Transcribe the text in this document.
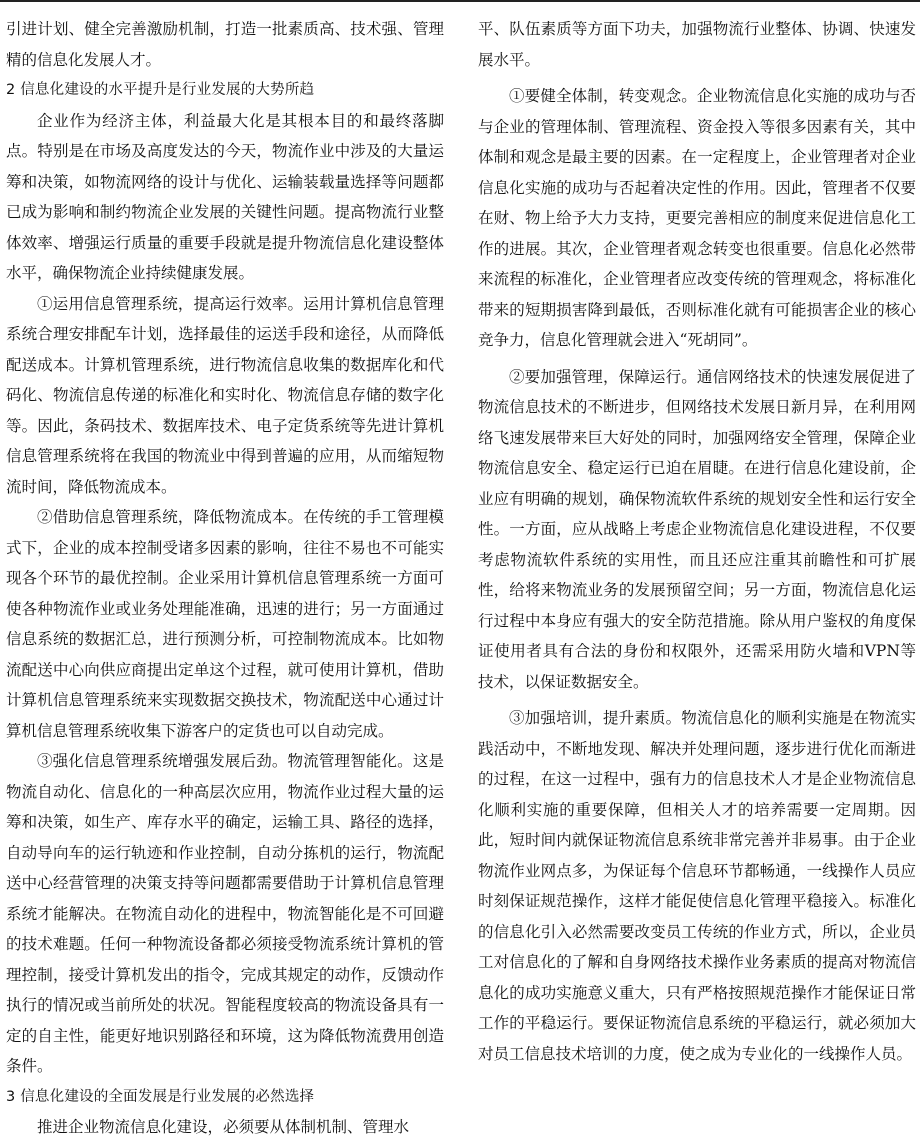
引进计划、健全完善激励机制，打造一批素质高、技术强、管理精的信息化发展人才。

2 信息化建设的水平提升是行业发展的大势所趋

企业作为经济主体，利益最大化是其根本目的和最终落脚点。特别是在市场及高度发达的今天，物流作业中涉及的大量运筹和决策，如物流网络的设计与优化、运输装载量选择等问题都已成为影响和制约物流企业发展的关键性问题。提高物流行业整体效率、增强运行质量的重要手段就是提升物流信息化建设整体水平，确保物流企业持续健康发展。

①运用信息管理系统，提高运行效率。运用计算机信息管理系统合理安排配车计划，选择最佳的运送手段和途径，从而降低配送成本。计算机管理系统，进行物流信息收集的数据库化和代码化、物流信息传递的标准化和实时化、物流信息存储的数字化等。因此，条码技术、数据库技术、电子定货系统等先进计算机信息管理系统将在我国的物流业中得到普遍的应用，从而缩短物流时间，降低物流成本。

②借助信息管理系统，降低物流成本。在传统的手工管理模式下，企业的成本控制受诸多因素的影响，往往不易也不可能实现各个环节的最优控制。企业采用计算机信息管理系统一方面可使各种物流作业或业务处理能准确，迅速的进行；另一方面通过信息系统的数据汇总，进行预测分析，可控制物流成本。比如物流配送中心向供应商提出定单这个过程，就可使用计算机，借助计算机信息管理系统来实现数据交换技术，物流配送中心通过计算机信息管理系统收集下游客户的定货也可以自动完成。

③强化信息管理系统增强发展后劲。物流管理智能化。这是物流自动化、信息化的一种高层次应用，物流作业过程大量的运筹和决策，如生产、库存水平的确定，运输工具、路径的选择，自动导向车的运行轨迹和作业控制，自动分拣机的运行，物流配送中心经营管理的决策支持等问题都需要借助于计算机信息管理系统才能解决。在物流自动化的进程中，物流智能化是不可回避的技术难题。任何一种物流设备都必须接受物流系统计算机的管理控制，接受计算机发出的指令，完成其规定的动作，反馈动作执行的情况或当前所处的状况。智能程度较高的物流设备具有一定的自主性，能更好地识别路径和环境，这为降低物流费用创造条件。

3 信息化建设的全面发展是行业发展的必然选择

推进企业物流信息化建设，必须要从体制机制、管理水

平、队伍素质等方面下功夫，加强物流行业整体、协调、快速发展水平。

①要健全体制，转变观念。企业物流信息化实施的成功与否与企业的管理体制、管理流程、资金投入等很多因素有关，其中体制和观念是最主要的因素。在一定程度上，企业管理者对企业信息化实施的成功与否起着决定性的作用。因此，管理者不仅要在财、物上给予大力支持，更要完善相应的制度来促进信息化工作的进展。其次，企业管理者观念转变也很重要。信息化必然带来流程的标准化，企业管理者应改变传统的管理观念，将标准化带来的短期损害降到最低，否则标准化就有可能损害企业的核心竞争力，信息化管理就会进入“死胡同”。

②要加强管理，保障运行。通信网络技术的快速发展促进了物流信息技术的不断进步，但网络技术发展日新月异，在利用网络飞速发展带来巨大好处的同时，加强网络安全管理，保障企业物流信息安全、稳定运行已迫在眉睫。在进行信息化建设前，企业应有明确的规划，确保物流软件系统的规划安全性和运行安全性。一方面，应从战略上考虑企业物流信息化建设进程，不仅要考虑物流软件系统的实用性，而且还应注重其前瞻性和可扩展性，给将来物流业务的发展预留空间；另一方面，物流信息化运行过程中本身应有强大的安全防范措施。除从用户鉴权的角度保证使用者具有合法的身份和权限外，还需采用防火墙和VPN等技术，以保证数据安全。

③加强培训，提升素质。物流信息化的顺利实施是在物流实践活动中，不断地发现、解决并处理问题，逐步进行优化而渐进的过程，在这一过程中，强有力的信息技术人才是企业物流信息化顺利实施的重要保障，但相关人才的培养需要一定周期。因此，短时间内就保证物流信息系统非常完善并非易事。由于企业物流作业网点多，为保证每个信息环节都畅通，一线操作人员应时刻保证规范操作，这样才能促使信息化管理平稳接入。标准化的信息化引入必然需要改变员工传统的作业方式，所以，企业员工对信息化的了解和自身网络技术操作业务素质的提高对物流信息化的成功实施意义重大，只有严格按照规范操作才能保证日常工作的平稳运行。要保证物流信息系统的平稳运行，就必须加大对员工信息技术培训的力度，使之成为专业化的一线操作人员。
